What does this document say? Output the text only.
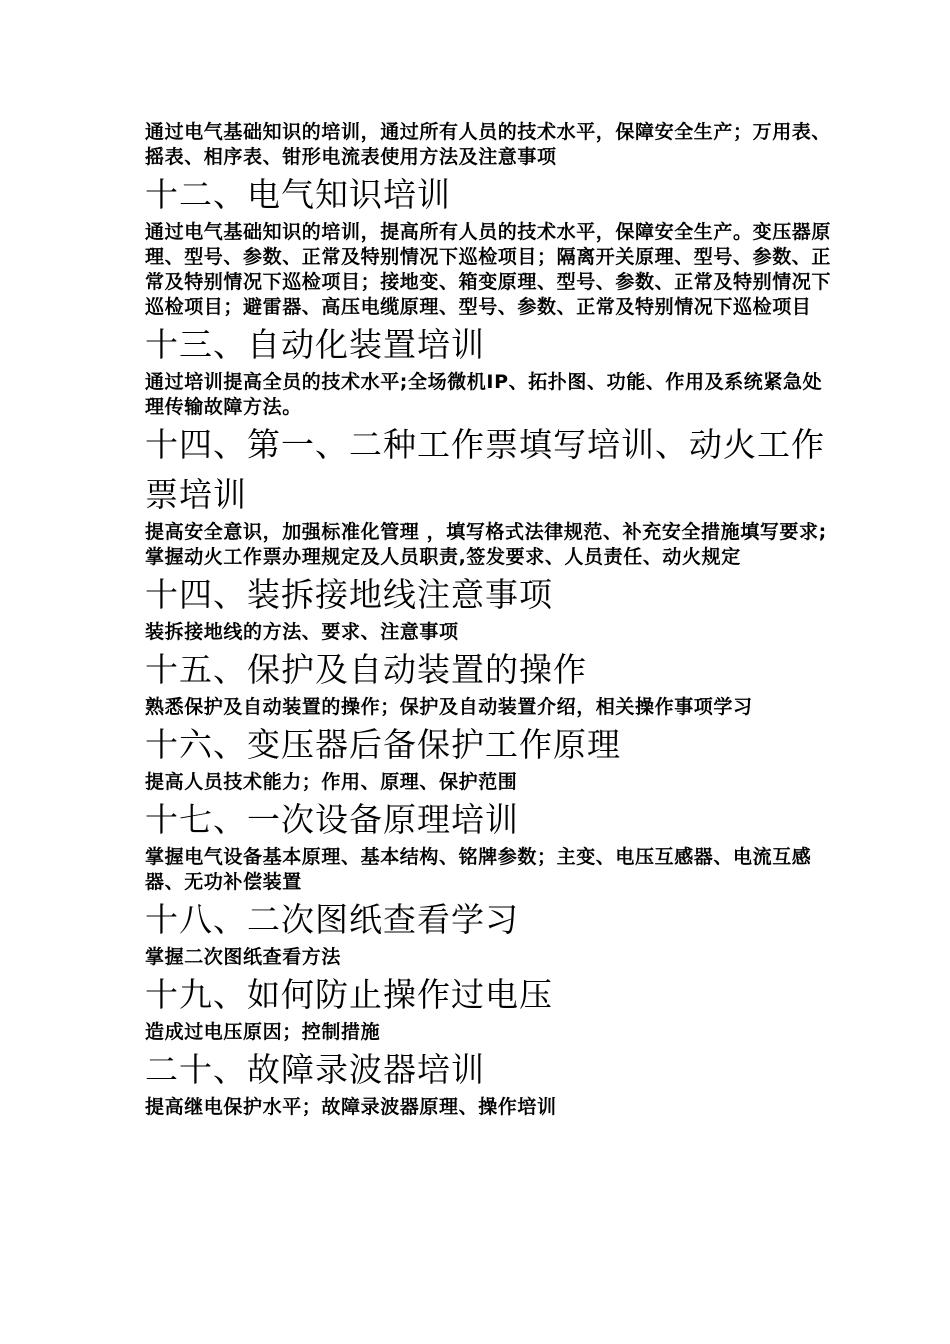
通过电气基础知识的培训，通过所有人员的技术水平，保障安全生产；万用表、摇表、相序表、钳形电流表使用方法及注意事项

十二、电气知识培训

通过电气基础知识的培训，提高所有人员的技术水平，保障安全生产。变压器原理、型号、参数、正常及特别情况下巡检项目；隔离开关原理、型号、参数、正常及特别情况下巡检项目；接地变、箱变原理、型号、参数、正常及特别情况下巡检项目；避雷器、高压电缆原理、型号、参数、正常及特别情况下巡检项目

十三、自动化装置培训

通过培训提高全员的技术水平;全场微机IP、拓扑图、功能、作用及系统紧急处理传输故障方法。

十四、第一、二种工作票填写培训、动火工作票培训

提高安全意识，加强标准化管理 ，填写格式法律规范、补充安全措施填写要求;掌握动火工作票办理规定及人员职责,签发要求、人员责任、动火规定

十四、装拆接地线注意事项

装拆接地线的方法、要求、注意事项

十五、保护及自动装置的操作

熟悉保护及自动装置的操作；保护及自动装置介绍，相关操作事项学习

十六、变压器后备保护工作原理

提高人员技术能力；作用、原理、保护范围

十七、一次设备原理培训

掌握电气设备基本原理、基本结构、铭牌参数；主变、电压互感器、电流互感器、无功补偿装置

十八、二次图纸查看学习

掌握二次图纸查看方法

十九、如何防止操作过电压

造成过电压原因；控制措施

二十、故障录波器培训

提高继电保护水平；故障录波器原理、操作培训
